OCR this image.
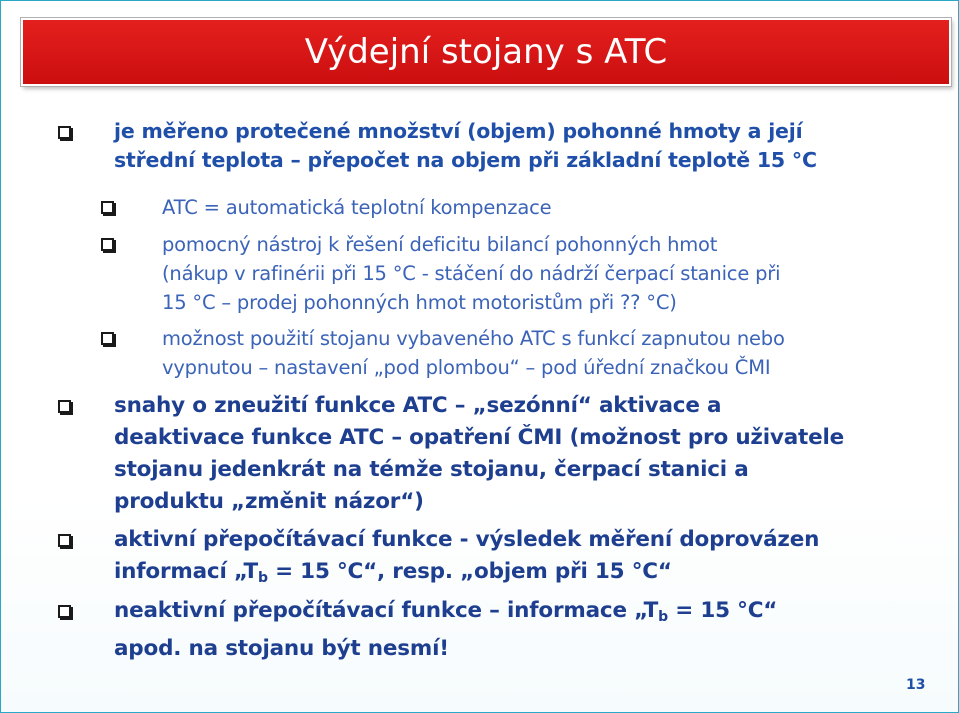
Výdejní stojany s ATC
je měřeno protečené množství (objem) pohonné hmoty a její
střední teplota – přepočet na objem při základní teplotě 15 °C
ATC = automatická teplotní kompenzace
pomocný nástroj k řešení deficitu bilancí pohonných hmot
(nákup v rafinérii při 15 °C - stáčení do nádrží čerpací stanice při
15 °C – prodej pohonných hmot motoristům při ?? °C)
možnost použití stojanu vybaveného ATC s funkcí zapnutou nebo
vypnutou – nastavení „pod plombou“ – pod úřední značkou ČMI
snahy o zneužití funkce ATC – „sezónní“ aktivace a
deaktivace funkce ATC – opatření ČMI (možnost pro uživatele
stojanu jedenkrát na témže stojanu, čerpací stanici a
produktu „změnit názor“)
aktivní přepočítávací funkce - výsledek měření doprovázen
informací $„T_b = 15$ °C“, resp. „objem při 15 °C“
neaktivní přepočítávací funkce – informace $„T_b = 15$ °C“
apod. na stojanu být nesmí!
13
